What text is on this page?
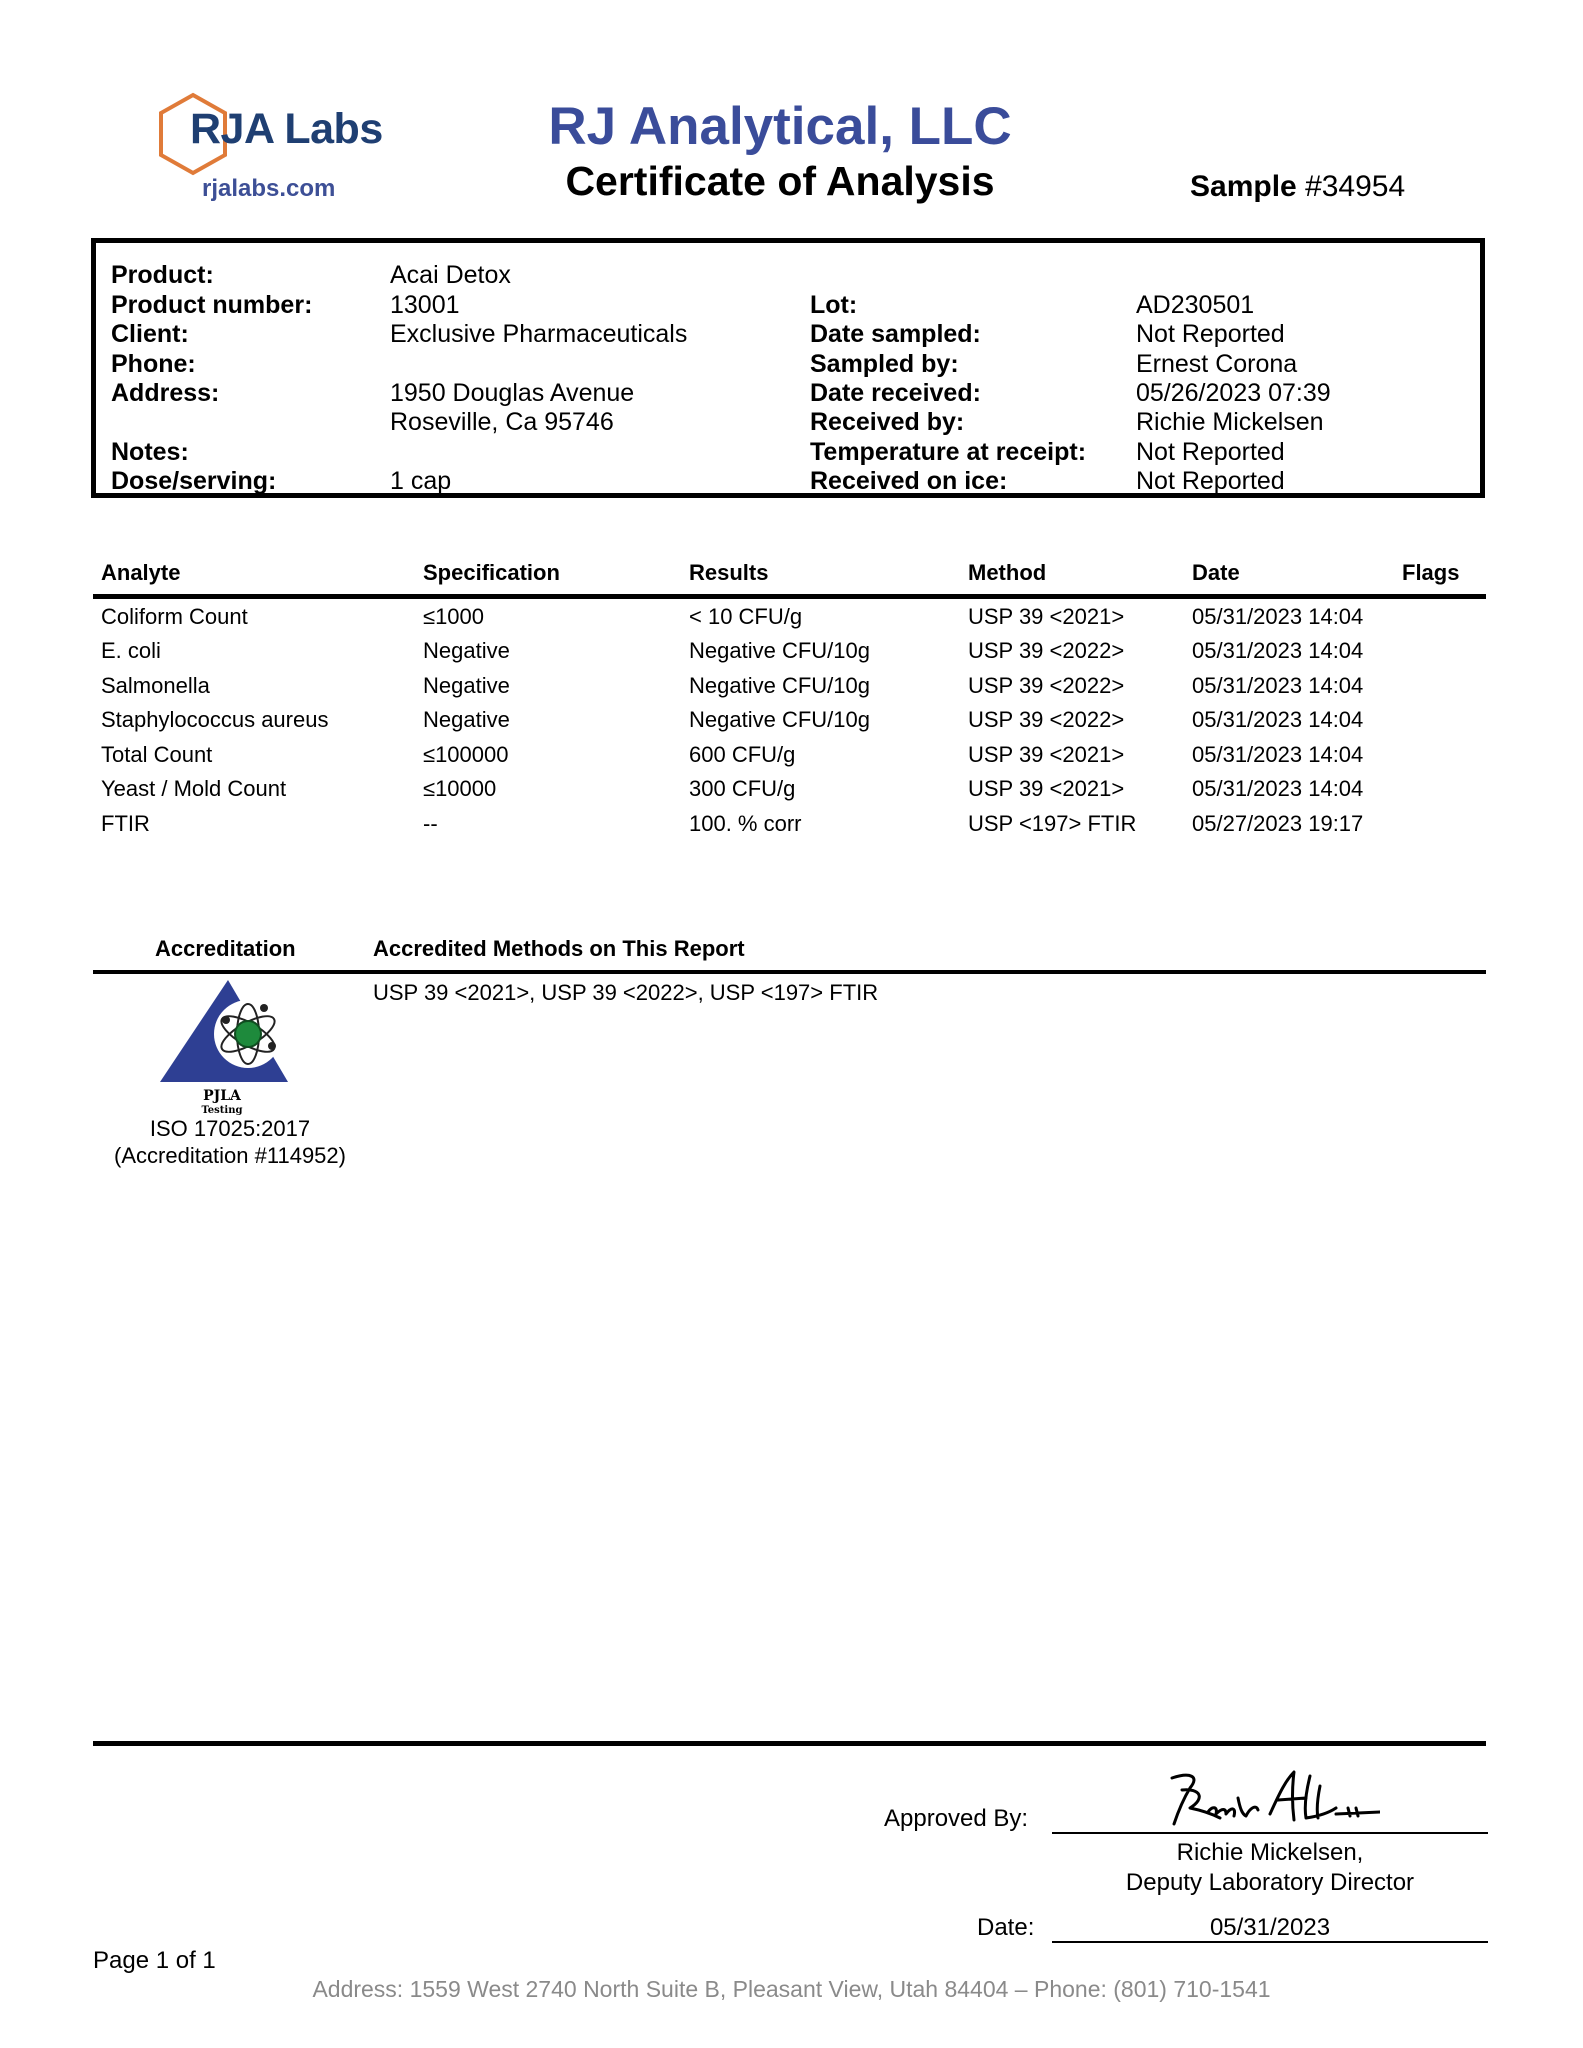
RJA Labs
rjalabs.com
RJ Analytical, LLC
Certificate of Analysis	Sample #34954
Product:	Acai Detox
Product number:	13001
Client:	Exclusive Pharmaceuticals
Phone:
Address:	1950 Douglas Avenue
Roseville, Ca 95746
Notes:
Dose/serving:	1 cap
Lot:	AD230501
Date sampled:	Not Reported
Sampled by:	Ernest Corona
Date received:	05/26/2023 07:39
Received by:	Richie Mickelsen
Temperature at receipt: Not Reported
Received on ice:	Not Reported
Analyte	Specification	Results	Method	Date	Flags
Coliform Count	≤1000	< 10 CFU/g	USP 39 <2021>	05/31/2023 14:04
E. coli	Negative	Negative CFU/10g	USP 39 <2022>	05/31/2023 14:04
Salmonella	Negative	Negative CFU/10g	USP 39 <2022>	05/31/2023 14:04
Staphylococcus aureus	Negative	Negative CFU/10g	USP 39 <2022>	05/31/2023 14:04
Total Count	≤100000	600 CFU/g	USP 39 <2021>	05/31/2023 14:04
Yeast / Mold Count	≤10000	300 CFU/g	USP 39 <2021>	05/31/2023 14:04
FTIR	--	100. % corr	USP <197> FTIR	05/27/2023 19:17
Accreditation	Accredited Methods on This Report
USP 39 <2021>, USP 39 <2022>, USP <197> FTIR
PJLA
Testing
ISO 17025:2017
(Accreditation #114952)
Approved By:
Richie Mickelsen,
Deputy Laboratory Director
Date:	05/31/2023
Page 1 of 1
Address: 1559 West 2740 North Suite B, Pleasant View, Utah 84404 – Phone: (801) 710-1541
